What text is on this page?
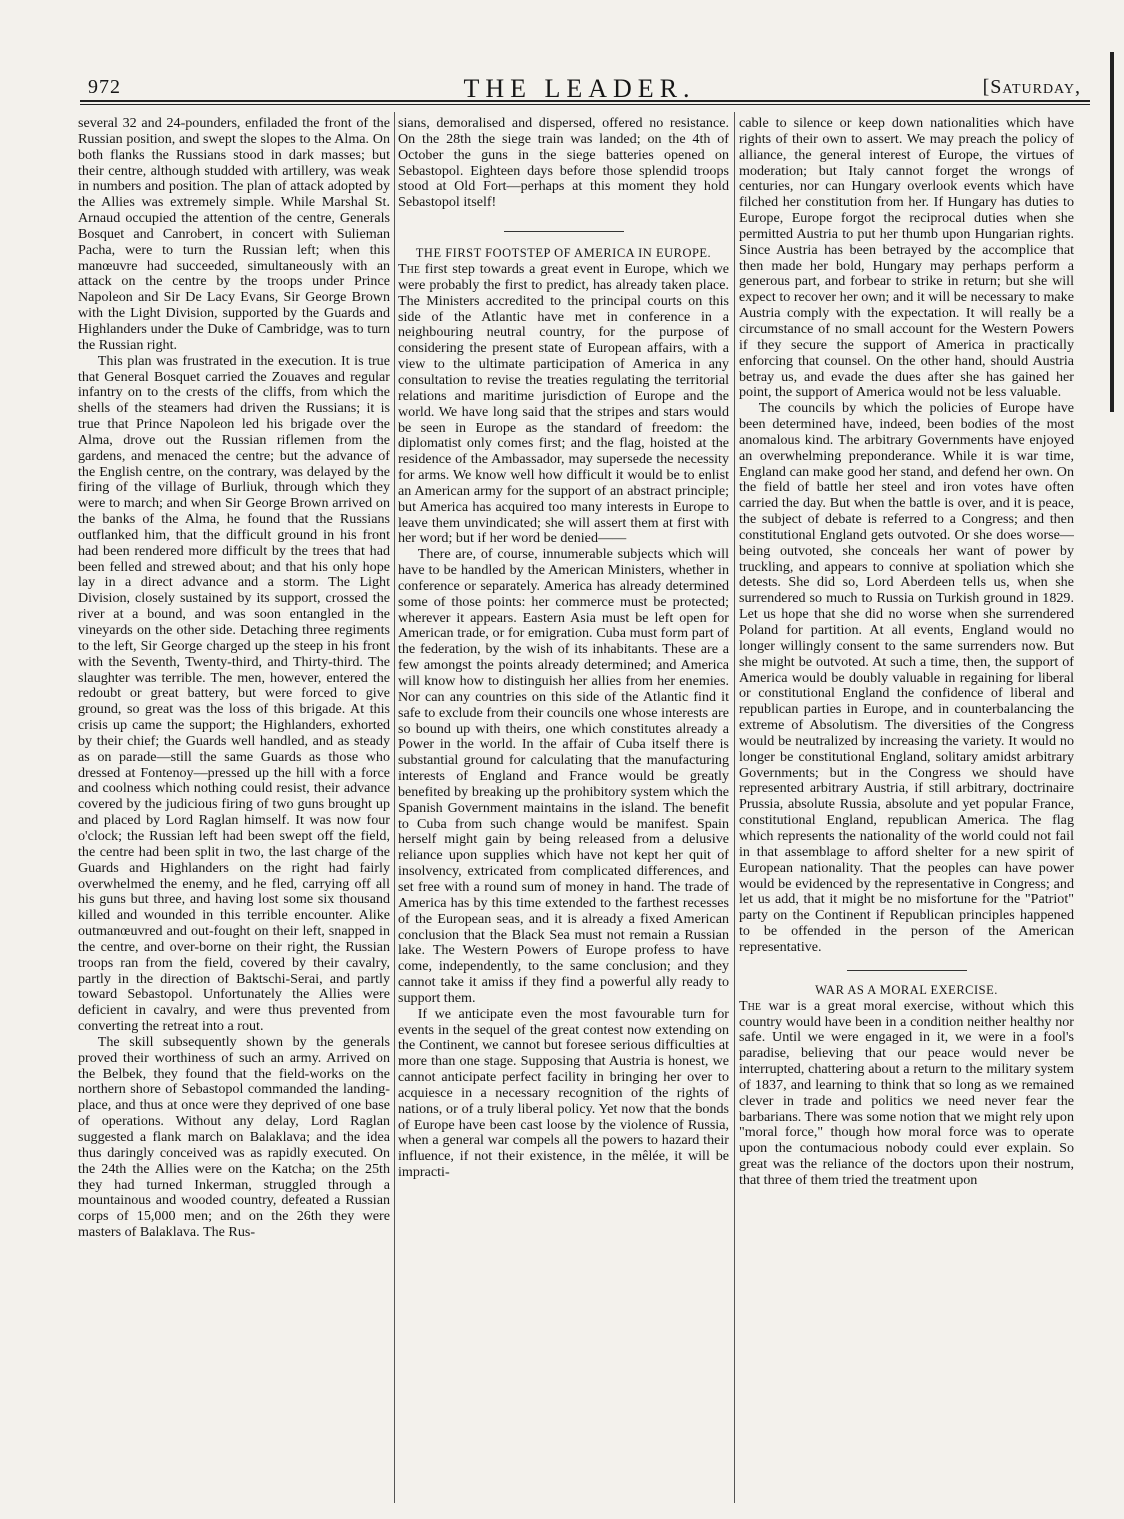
972	THE LEADER.	[Saturday,

several 32 and 24-pounders, enfiladed the front of the Russian position, and swept the slopes to the Alma. On both flanks the Russians stood in dark masses; but their centre, although studded with artillery, was weak in numbers and position. The plan of attack adopted by the Allies was extremely simple. While Marshal St. Arnaud occupied the attention of the centre, Generals Bosquet and Canrobert, in concert with Sulieman Pacha, were to turn the Russian left; when this manœuvre had succeeded, simultaneously with an attack on the centre by the troops under Prince Napoleon and Sir De Lacy Evans, Sir George Brown with the Light Division, supported by the Guards and Highlanders under the Duke of Cambridge, was to turn the Russian right.

This plan was frustrated in the execution. It is true that General Bosquet carried the Zouaves and regular infantry on to the crests of the cliffs, from which the shells of the steamers had driven the Russians; it is true that Prince Napoleon led his brigade over the Alma, drove out the Russian riflemen from the gardens, and menaced the centre; but the advance of the English centre, on the contrary, was delayed by the firing of the village of Burliuk, through which they were to march; and when Sir George Brown arrived on the banks of the Alma, he found that the Russians outflanked him, that the difficult ground in his front had been rendered more difficult by the trees that had been felled and strewed about; and that his only hope lay in a direct advance and a storm. The Light Division, closely sustained by its support, crossed the river at a bound, and was soon entangled in the vineyards on the other side. Detaching three regiments to the left, Sir George charged up the steep in his front with the Seventh, Twenty-third, and Thirty-third. The slaughter was terrible. The men, however, entered the redoubt or great battery, but were forced to give ground, so great was the loss of this brigade. At this crisis up came the support; the Highlanders, exhorted by their chief; the Guards well handled, and as steady as on parade—still the same Guards as those who dressed at Fontenoy—pressed up the hill with a force and coolness which nothing could resist, their advance covered by the judicious firing of two guns brought up and placed by Lord Raglan himself. It was now four o'clock; the Russian left had been swept off the field, the centre had been split in two, the last charge of the Guards and Highlanders on the right had fairly overwhelmed the enemy, and he fled, carrying off all his guns but three, and having lost some six thousand killed and wounded in this terrible encounter. Alike outmanœuvred and out-fought on their left, snapped in the centre, and over-borne on their right, the Russian troops ran from the field, covered by their cavalry, partly in the direction of Baktschi-Serai, and partly toward Sebastopol. Unfortunately the Allies were deficient in cavalry, and were thus prevented from converting the retreat into a rout.

The skill subsequently shown by the generals proved their worthiness of such an army. Arrived on the Belbek, they found that the field-works on the northern shore of Sebastopol commanded the landing-place, and thus at once were they deprived of one base of operations. Without any delay, Lord Raglan suggested a flank march on Balaklava; and the idea thus daringly conceived was as rapidly executed. On the 24th the Allies were on the Katcha; on the 25th they had turned Inkerman, struggled through a mountainous and wooded country, defeated a Russian corps of 15,000 men; and on the 26th they were masters of Balaklava. The Rus-

sians, demoralised and dispersed, offered no resistance. On the 28th the siege train was landed; on the 4th of October the guns in the siege batteries opened on Sebastopol. Eighteen days before those splendid troops stood at Old Fort—perhaps at this moment they hold Sebastopol itself!

THE FIRST FOOTSTEP OF AMERICA IN EUROPE.

The first step towards a great event in Europe, which we were probably the first to predict, has already taken place. The Ministers accredited to the principal courts on this side of the Atlantic have met in conference in a neighbouring neutral country, for the purpose of considering the present state of European affairs, with a view to the ultimate participation of America in any consultation to revise the treaties regulating the territorial relations and maritime jurisdiction of Europe and the world. We have long said that the stripes and stars would be seen in Europe as the standard of freedom: the diplomatist only comes first; and the flag, hoisted at the residence of the Ambassador, may supersede the necessity for arms. We know well how difficult it would be to enlist an American army for the support of an abstract principle; but America has acquired too many interests in Europe to leave them unvindicated; she will assert them at first with her word; but if her word be denied——

There are, of course, innumerable subjects which will have to be handled by the American Ministers, whether in conference or separately. America has already determined some of those points: her commerce must be protected; wherever it appears. Eastern Asia must be left open for American trade, or for emigration. Cuba must form part of the federation, by the wish of its inhabitants. These are a few amongst the points already determined; and America will know how to distinguish her allies from her enemies. Nor can any countries on this side of the Atlantic find it safe to exclude from their councils one whose interests are so bound up with theirs, one which constitutes already a Power in the world. In the affair of Cuba itself there is substantial ground for calculating that the manufacturing interests of England and France would be greatly benefited by breaking up the prohibitory system which the Spanish Government maintains in the island. The benefit to Cuba from such change would be manifest. Spain herself might gain by being released from a delusive reliance upon supplies which have not kept her quit of insolvency, extricated from complicated differences, and set free with a round sum of money in hand. The trade of America has by this time extended to the farthest recesses of the European seas, and it is already a fixed American conclusion that the Black Sea must not remain a Russian lake. The Western Powers of Europe profess to have come, independently, to the same conclusion; and they cannot take it amiss if they find a powerful ally ready to support them.

If we anticipate even the most favourable turn for events in the sequel of the great contest now extending on the Continent, we cannot but foresee serious difficulties at more than one stage. Supposing that Austria is honest, we cannot anticipate perfect facility in bringing her over to acquiesce in a necessary recognition of the rights of nations, or of a truly liberal policy. Yet now that the bonds of Europe have been cast loose by the violence of Russia, when a general war compels all the powers to hazard their influence, if not their existence, in the mêlée, it will be impracti-

cable to silence or keep down nationalities which have rights of their own to assert. We may preach the policy of alliance, the general interest of Europe, the virtues of moderation; but Italy cannot forget the wrongs of centuries, nor can Hungary overlook events which have filched her constitution from her. If Hungary has duties to Europe, Europe forgot the reciprocal duties when she permitted Austria to put her thumb upon Hungarian rights. Since Austria has been betrayed by the accomplice that then made her bold, Hungary may perhaps perform a generous part, and forbear to strike in return; but she will expect to recover her own; and it will be necessary to make Austria comply with the expectation. It will really be a circumstance of no small account for the Western Powers if they secure the support of America in practically enforcing that counsel. On the other hand, should Austria betray us, and evade the dues after she has gained her point, the support of America would not be less valuable.

The councils by which the policies of Europe have been determined have, indeed, been bodies of the most anomalous kind. The arbitrary Governments have enjoyed an overwhelming preponderance. While it is war time, England can make good her stand, and defend her own. On the field of battle her steel and iron votes have often carried the day. But when the battle is over, and it is peace, the subject of debate is referred to a Congress; and then constitutional England gets outvoted. Or she does worse—being outvoted, she conceals her want of power by truckling, and appears to connive at spoliation which she detests. She did so, Lord Aberdeen tells us, when she surrendered so much to Russia on Turkish ground in 1829. Let us hope that she did no worse when she surrendered Poland for partition. At all events, England would no longer willingly consent to the same surrenders now. But she might be outvoted. At such a time, then, the support of America would be doubly valuable in regaining for liberal or constitutional England the confidence of liberal and republican parties in Europe, and in counterbalancing the extreme of Absolutism. The diversities of the Congress would be neutralized by increasing the variety. It would no longer be constitutional England, solitary amidst arbitrary Governments; but in the Congress we should have represented arbitrary Austria, if still arbitrary, doctrinaire Prussia, absolute Russia, absolute and yet popular France, constitutional England, republican America. The flag which represents the nationality of the world could not fail in that assemblage to afford shelter for a new spirit of European nationality. That the peoples can have power would be evidenced by the representative in Congress; and let us add, that it might be no misfortune for the "Patriot" party on the Continent if Republican principles happened to be offended in the person of the American representative.

WAR AS A MORAL EXERCISE.

The war is a great moral exercise, without which this country would have been in a condition neither healthy nor safe. Until we were engaged in it, we were in a fool's paradise, believing that our peace would never be interrupted, chattering about a return to the military system of 1837, and learning to think that so long as we remained clever in trade and politics we need never fear the barbarians. There was some notion that we might rely upon "moral force," though how moral force was to operate upon the contumacious nobody could ever explain. So great was the reliance of the doctors upon their nostrum, that three of them tried the treatment upon
